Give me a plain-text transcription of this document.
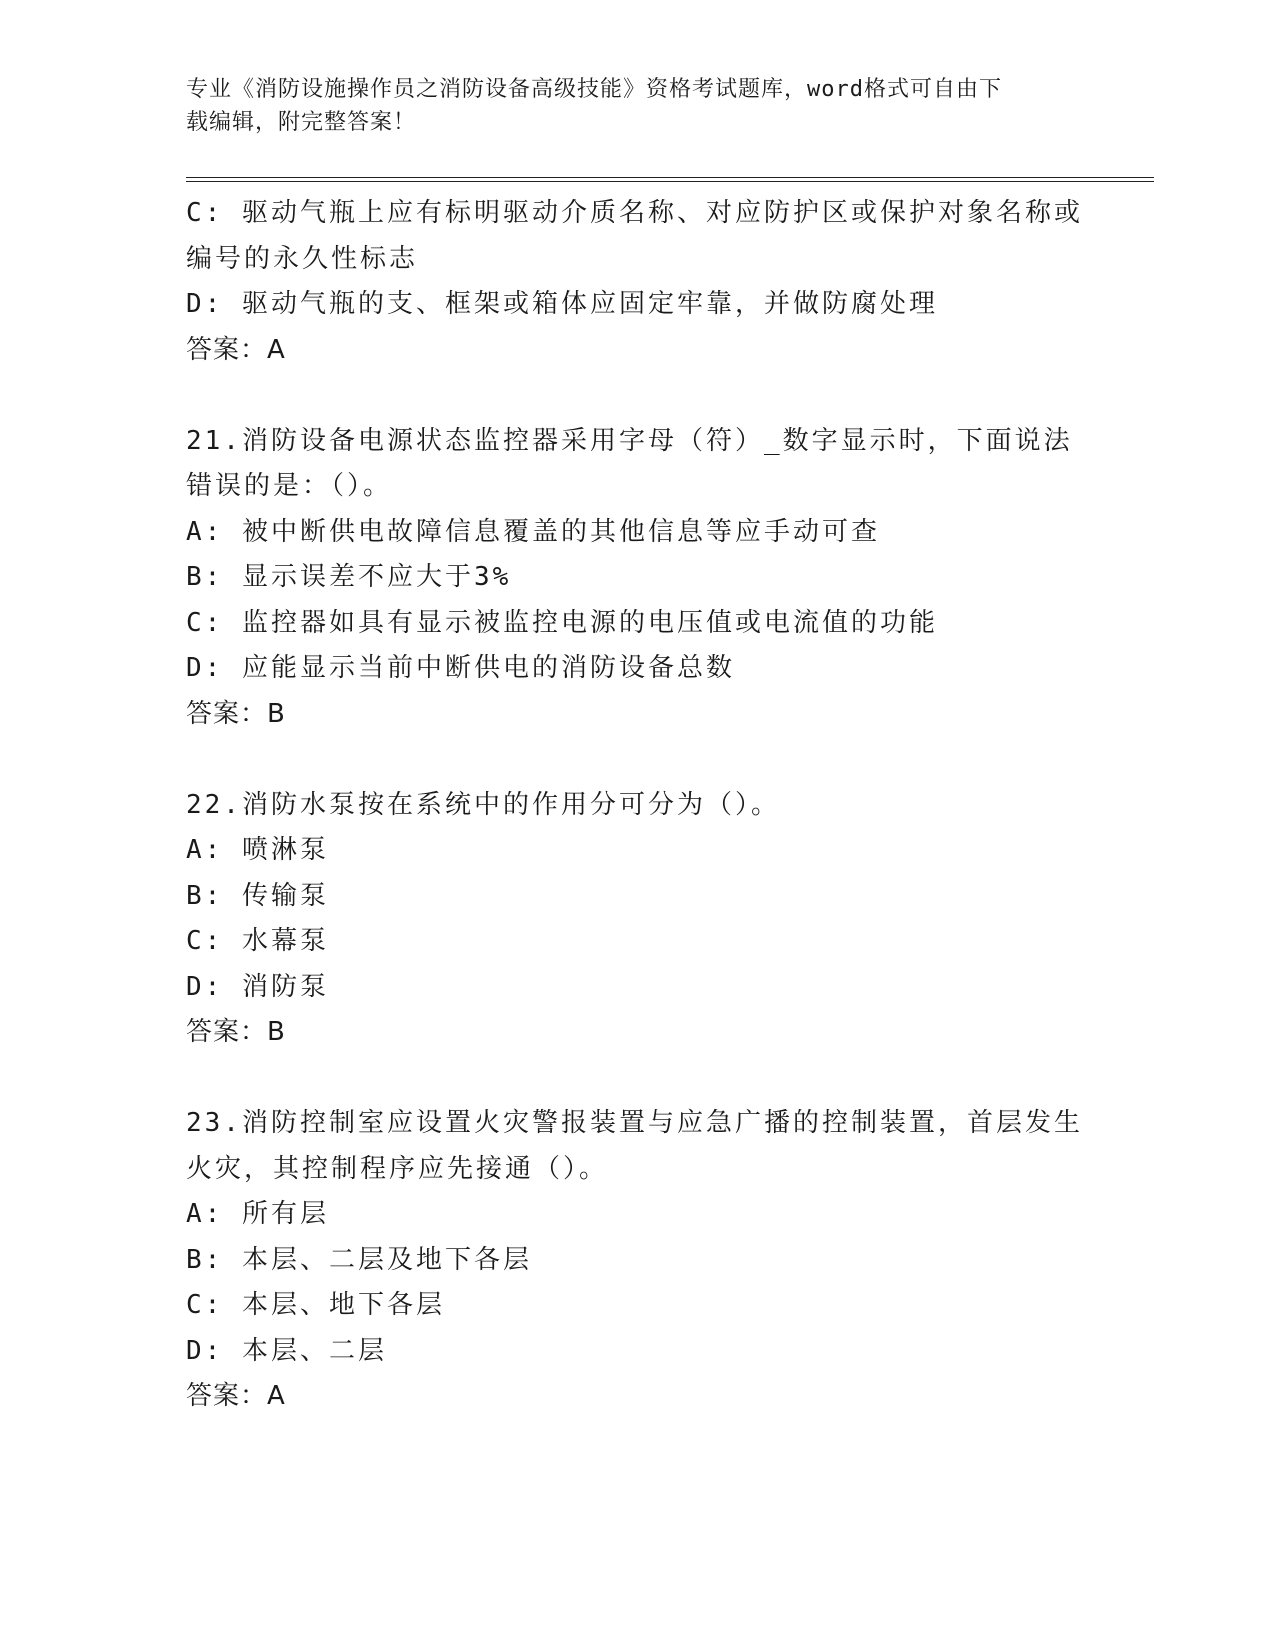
专业《消防设施操作员之消防设备高级技能》资格考试题库，word格式可自由下
载编辑，附完整答案！
C: 驱动气瓶上应有标明驱动介质名称、对应防护区或保护对象名称或
编号的永久性标志
D: 驱动气瓶的支、框架或箱体应固定牢靠，并做防腐处理
答案：A
21.消防设备电源状态监控器采用字母（符）_数字显示时，下面说法
错误的是：（）。
A: 被中断供电故障信息覆盖的其他信息等应手动可查
B: 显示误差不应大于3%
C: 监控器如具有显示被监控电源的电压值或电流值的功能
D: 应能显示当前中断供电的消防设备总数
答案：B
22.消防水泵按在系统中的作用分可分为（）。
A: 喷淋泵
B: 传输泵
C: 水幕泵
D: 消防泵
答案：B
23.消防控制室应设置火灾警报装置与应急广播的控制装置，首层发生
火灾，其控制程序应先接通（）。
A: 所有层
B: 本层、二层及地下各层
C: 本层、地下各层
D: 本层、二层
答案：A
